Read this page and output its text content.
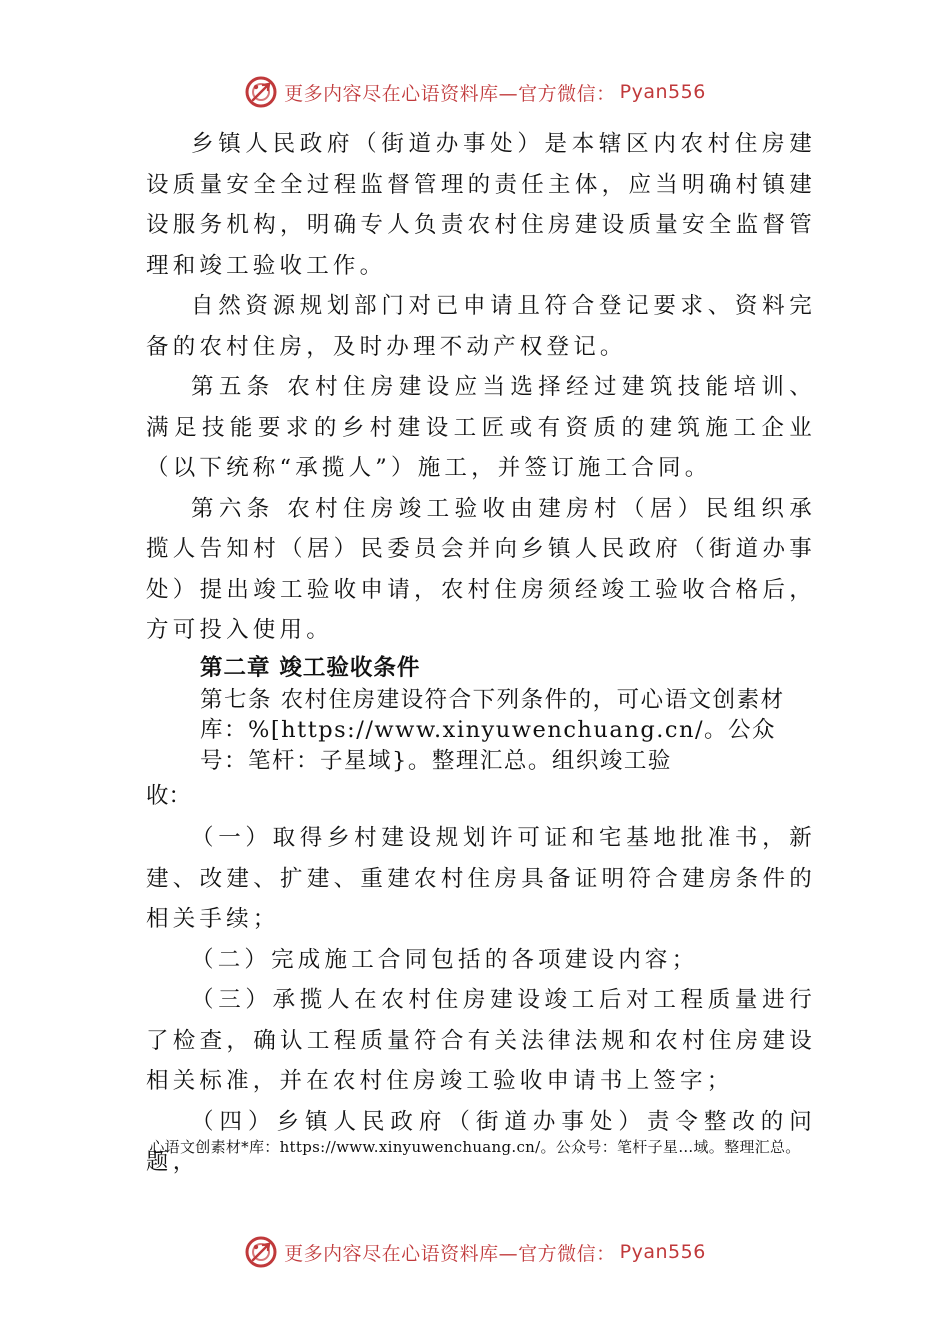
更多内容尽在心语资料库—官方微信： Pyan556

乡镇人民政府（街道办事处）是本辖区内农村住房建设质量安全全过程监督管理的责任主体，应当明确村镇建设服务机构，明确专人负责农村住房建设质量安全监督管理和竣工验收工作。

自然资源规划部门对已申请且符合登记要求、资料完备的农村住房，及时办理不动产权登记。

第五条 农村住房建设应当选择经过建筑技能培训、满足技能要求的乡村建设工匠或有资质的建筑施工企业（以下统称“承揽人”）施工，并签订施工合同。

第六条 农村住房竣工验收由建房村（居）民组织承揽人告知村（居）民委员会并向乡镇人民政府（街道办事处）提出竣工验收申请，农村住房须经竣工验收合格后，方可投入使用。

第二章 竣工验收条件

第七条 农村住房建设符合下列条件的，可心语文创素材库：%[https://www.xinyuwenchuang.cn/。公众号：笔杆：子星域}。整理汇总。组织竣工验

收：

（一）取得乡村建设规划许可证和宅基地批准书，新建、改建、扩建、重建农村住房具备证明符合建房条件的相关手续；

（二）完成施工合同包括的各项建设内容；

（三）承揽人在农村住房建设竣工后对工程质量进行了检查，确认工程质量符合有关法律法规和农村住房建设相关标准，并在农村住房竣工验收申请书上签字；

（四）乡镇人民政府（街道办事处）责令整改的问题，

心语文创素材*库：https://www.xinyuwenchuang.cn/。公众号：笔杆子星…域。整理汇总。
更多内容尽在心语资料库—官方微信： Pyan556
